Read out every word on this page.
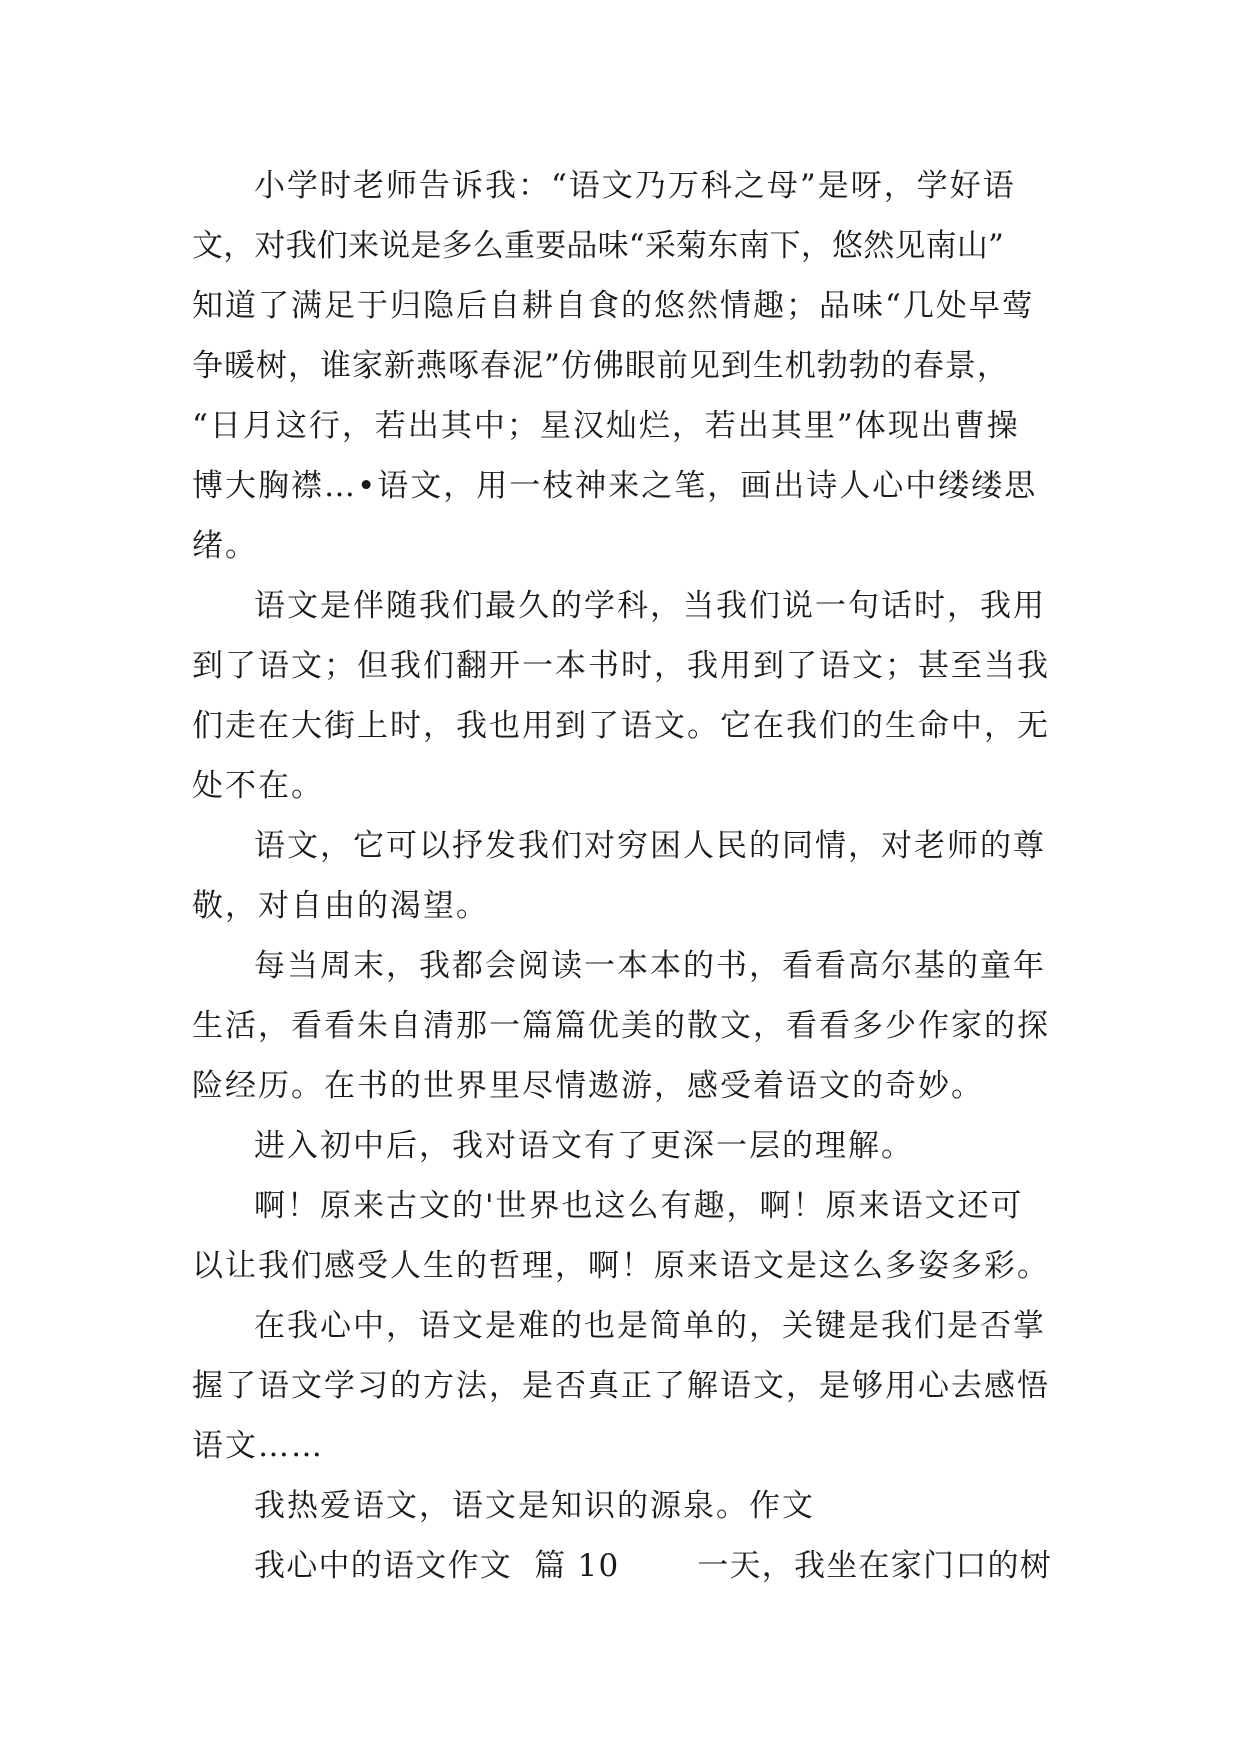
小学时老师告诉我：“语文乃万科之母”是呀，学好语
文，对我们来说是多么重要品味“采菊东南下，悠然见南山”
知道了满足于归隐后自耕自食的悠然情趣；品味“几处早莺
争暖树，谁家新燕啄春泥”仿佛眼前见到生机勃勃的春景，
“日月这行，若出其中；星汉灿烂，若出其里”体现出曹操
博大胸襟…•语文，用一枝神来之笔，画出诗人心中缕缕思
绪。

语文是伴随我们最久的学科，当我们说一句话时，我用
到了语文；但我们翻开一本书时，我用到了语文；甚至当我
们走在大街上时，我也用到了语文。它在我们的生命中，无
处不在。

语文，它可以抒发我们对穷困人民的同情，对老师的尊
敬，对自由的渴望。

每当周末，我都会阅读一本本的书，看看高尔基的童年
生活，看看朱自清那一篇篇优美的散文，看看多少作家的探
险经历。在书的世界里尽情遨游，感受着语文的奇妙。

进入初中后，我对语文有了更深一层的理解。

啊！原来古文的'世界也这么有趣，啊！原来语文还可
以让我们感受人生的哲理，啊！原来语文是这么多姿多彩。

在我心中，语文是难的也是简单的，关键是我们是否掌
握了语文学习的方法，是否真正了解语文，是够用心去感悟
语文……

我热爱语文，语文是知识的源泉。作文

我心中的语文作文  篇 10       一天，我坐在家门口的树
